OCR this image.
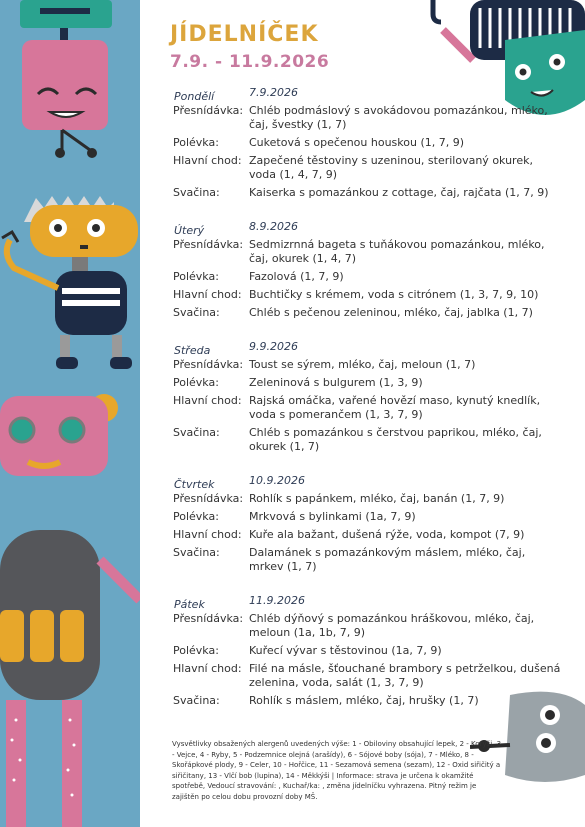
JÍDELNÍČEK
7.9. - 11.9.2026
Pondělí	7.9.2026
Přesnídávka: Chléb podmáslový s avokádovou pomazánkou, mléko, čaj, švestky (1, 7)
Polévka:	Cuketová s opečenou houskou (1, 7, 9)
Hlavní chod: Zapečené těstoviny s uzeninou, sterilovaný okurek, voda (1, 4, 7, 9)
Svačina:	Kaiserka s pomazánkou z cottage, čaj, rajčata (1, 7, 9)
Úterý	8.9.2026
Přesnídávka: Sedmizrnná bageta s tuňákovou pomazánkou, mléko, čaj, okurek (1, 4, 7)
Polévka:	Fazolová (1, 7, 9)
Hlavní chod: Buchtičky s krémem, voda s citrónem (1, 3, 7, 9, 10)
Svačina:	Chléb s pečenou zeleninou, mléko, čaj, jablka (1, 7)
Středa	9.9.2026
Přesnídávka: Toust se sýrem, mléko, čaj, meloun (1, 7)
Polévka:	Zeleninová s bulgurem (1, 3, 9)
Hlavní chod: Rajská omáčka, vařené hovězí maso, kynutý knedlík, voda s pomerančem (1, 3, 7, 9)
Svačina:	Chléb s pomazánkou s čerstvou paprikou, mléko, čaj, okurek (1, 7)
Čtvrtek	10.9.2026
Přesnídávka: Rohlík s papánkem, mléko, čaj, banán (1, 7, 9)
Polévka:	Mrkvová s bylinkami (1a, 7, 9)
Hlavní chod: Kuře ala bažant, dušená rýže, voda, kompot (7, 9)
Svačina:	Dalamánek s pomazánkovým máslem, mléko, čaj, mrkev (1, 7)
Pátek	11.9.2026
Přesnídávka: Chléb dýňový s pomazánkou hráškovou, mléko, čaj, meloun (1a, 1b, 7, 9)
Polévka:	Kuřecí vývar s těstovinou (1a, 7, 9)
Hlavní chod: Filé na másle, šťouchané brambory s petrželkou, dušená zelenina, voda, salát (1, 3, 7, 9)
Svačina:	Rohlík s máslem, mléko, čaj, hrušky (1, 7)
Vysvětlivky obsažených alergenů uvedených výše: 1 - Obiloviny obsahující lepek, 2 - Korýši, 3 - Vejce, 4 - Ryby, 5 - Podzemnice olejná (arašídy), 6 - Sójové boby (sója), 7 - Mléko, 8 - Skořápkové plody, 9 - Celer, 10 - Hořčice, 11 - Sezamová semena (sezam), 12 - Oxid siřičitý a siřičitany, 13 - Vlčí bob (lupina), 14 - Měkkýši | Informace: strava je určena k okamžité spotřebě, Vedoucí stravování: , Kuchař/ka: , změna jídelníčku vyhrazena. Pitný režim je zajištěn po celou dobu provozní doby MŠ.
